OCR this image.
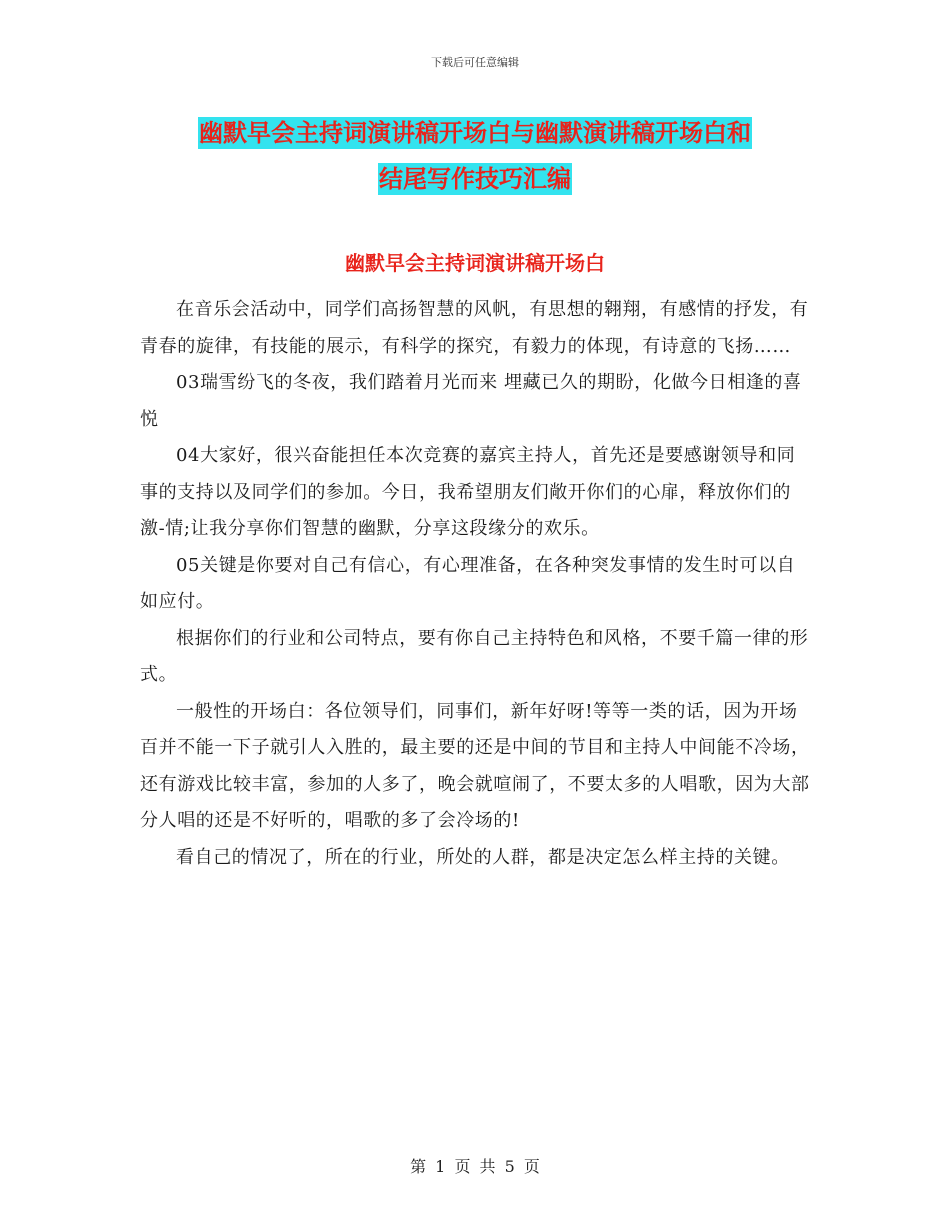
下载后可任意编辑
幽默早会主持词演讲稿开场白与幽默演讲稿开场白和
结尾写作技巧汇编
幽默早会主持词演讲稿开场白

在音乐会活动中，同学们高扬智慧的风帆，有思想的翱翔，有感情的抒发，有青春的旋律，有技能的展示，有科学的探究，有毅力的体现，有诗意的飞扬……

03瑞雪纷飞的冬夜，我们踏着月光而来 埋藏已久的期盼，化做今日相逢的喜悦

04大家好，很兴奋能担任本次竞赛的嘉宾主持人，首先还是要感谢领导和同事的支持以及同学们的参加。今日，我希望朋友们敞开你们的心扉，释放你们的激-情;让我分享你们智慧的幽默，分享这段缘分的欢乐。

05关键是你要对自己有信心，有心理准备，在各种突发事情的发生时可以自如应付。

根据你们的行业和公司特点，要有你自己主持特色和风格，不要千篇一律的形式。

一般性的开场白：各位领导们，同事们，新年好呀!等等一类的话，因为开场百并不能一下子就引人入胜的，最主要的还是中间的节目和主持人中间能不冷场，还有游戏比较丰富，参加的人多了，晚会就喧闹了，不要太多的人唱歌，因为大部分人唱的还是不好听的，唱歌的多了会冷场的!

看自己的情况了，所在的行业，所处的人群，都是决定怎么样主持的关键。

第 1 页 共 5 页
